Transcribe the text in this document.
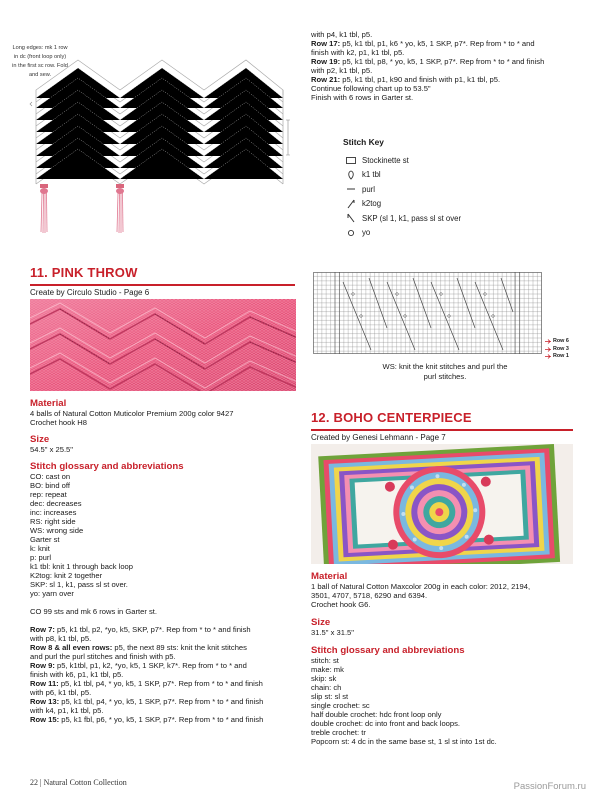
Long edges: mk 1 row
in dc (front loop only)
in the first sc row. Fold
and sew.
with p4, k1 tbl, p5.
Row 17: p5, k1 tbl, p1, k6 * yo, k5, 1 SKP, p7*. Rep from * to * and
finish with k2, p1, k1 tbl, p5.
Row 19: p5, k1 tbl, p8, * yo, k5, 1 SKP, p7*. Rep from * to * and finish
with p2, k1 tbl, p5.
Row 21: p5, k1 tbl, p1, k90 and finish with p1, k1 tbl, p5.
Continue following chart up to 53.5"
Finish with 6 rows in Garter st.
Stitch Key
Stockinette st
k1 tbl
purl
k2tog
SKP (sl 1, k1, pass sl st over
yo
Row 6
Row 3
Row 1
WS: knit the knit stitches and purl the
purl stitches.
11. PINK THROW
Create by Circulo Studio - Page 6
Material
4 balls of Natural Cotton Muticolor Premium 200g color 9427
Crochet hook H8
Size
54.5" x 25.5"
Stitch glossary and abbreviations
CO: cast on
BO: bind off
rep: repeat
dec: decreases
inc: increases
RS: right side
WS: wrong side
Garter st
k: knit
p: purl
k1 tbl: knit 1 through back loop
K2tog: knit 2 together
SKP: sl 1, k1, pass sl st over.
yo: yarn over
CO 99 sts and mk 6 rows in Garter st.
Row 7: p5, k1 tbl, p2, *yo, k5, SKP, p7*. Rep from * to * and finish
with p8, k1 tbl, p5.
Row 8 & all even rows: p5, the next 89 sts: knit the knit stitches
and purl the purl stitches and finish with p5.
Row 9: p5, k1tbl, p1, k2, *yo, k5, 1 SKP, k7*. Rep from * to * and
finish with k6, p1, k1 tbl, p5.
Row 11: p5, k1 tbl, p4, * yo, k5, 1 SKP, p7*. Rep from * to * and finish
with p6, k1 tbl, p5.
Row 13: p5, k1 tbl, p4, * yo, k5, 1 SKP, p7*. Rep from * to * and finish
with k4, p1, k1 tbl, p5.
Row 15: p5, k1 fbl, p6, * yo, k5, 1 SKP, p7*. Rep from * to * and finish
12. BOHO CENTERPIECE
Created by Genesi Lehmann - Page 7
Material
1 ball of Natural Cotton Maxcolor 200g in each color: 2012, 2194,
3501, 4707, 5718, 6290 and 6394.
Crochet hook G6.
Size
31.5" x 31.5"
Stitch glossary and abbreviations
stitch: st
make: mk
skip: sk
chain: ch
slip st: sl st
single crochet: sc
half double crochet: hdc front loop only
double crochet: dc into front and back loops.
treble crochet: tr
Popcorn st: 4 dc in the same base st, 1 sl st into 1st dc.
22 | Natural Cotton Collection	PassionForum.ru
